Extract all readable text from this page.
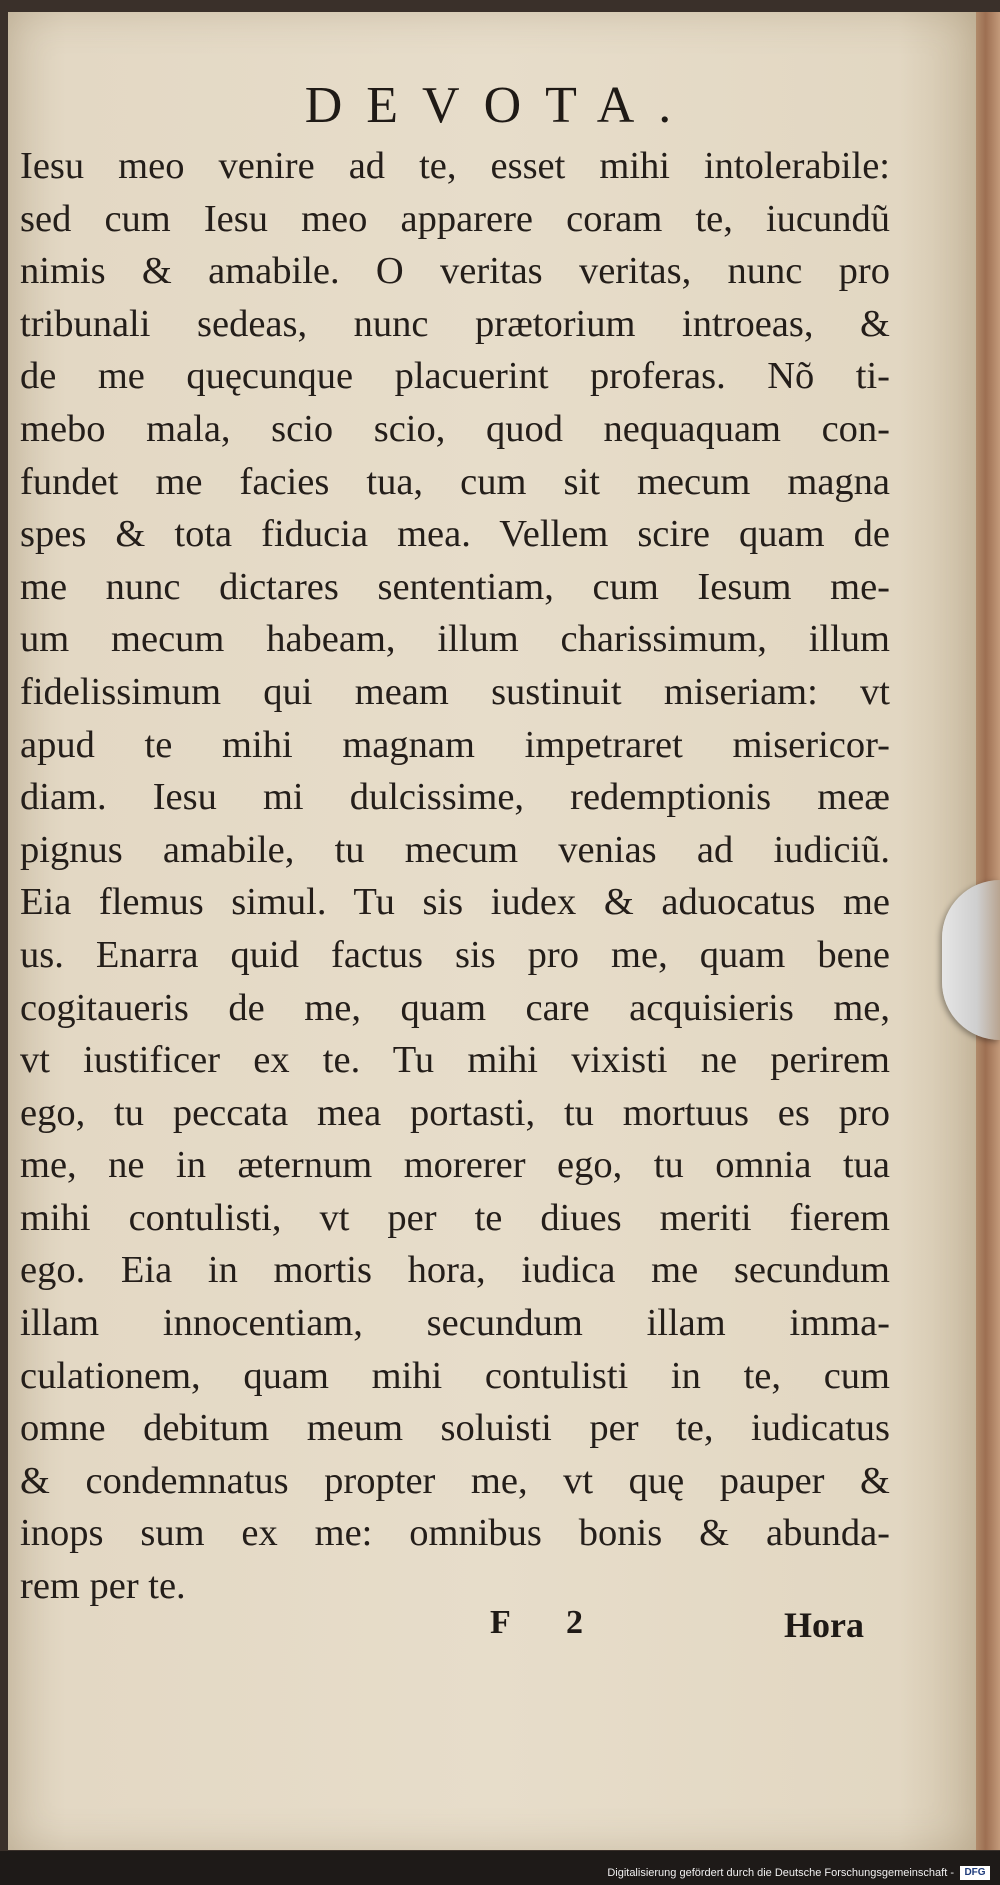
DEVOTA.
Iesu meo venire ad te, esset mihi intolerabile:
sed cum Iesu meo apparere coram te, iucundũ
nimis & amabile. O veritas veritas, nunc pro
tribunali sedeas, nunc prætorium introeas, &
de me quęcunque placuerint proferas. Nõ ti-
mebo mala, scio scio, quod nequaquam con-
fundet me facies tua, cum sit mecum magna
spes & tota fiducia mea. Vellem scire quam de
me nunc dictares sententiam, cum Iesum me-
um mecum habeam, illum charissimum, illum
fidelissimum qui meam sustinuit miseriam: vt
apud te mihi magnam impetraret misericor-
diam. Iesu mi dulcissime, redemptionis meæ
pignus amabile, tu mecum venias ad iudiciũ.
Eia flemus simul. Tu sis iudex & aduocatus me
us. Enarra quid factus sis pro me, quam bene
cogitaueris de me, quam care acquisieris me,
vt iustificer ex te. Tu mihi vixisti ne perirem
ego, tu peccata mea portasti, tu mortuus es pro
me, ne in æternum morerer ego, tu omnia tua
mihi contulisti, vt per te diues meriti fierem
ego. Eia in mortis hora, iudica me secundum
illam innocentiam, secundum illam imma-
culationem, quam mihi contulisti in te, cum
omne debitum meum soluisti per te, iudicatus
& condemnatus propter me, vt quę pauper &
inops sum ex me: omnibus bonis & abunda-
rem per te.
F 2	Hora
Digitalisierung gefördert durch die Deutsche Forschungsgemeinschaft -	DFG
